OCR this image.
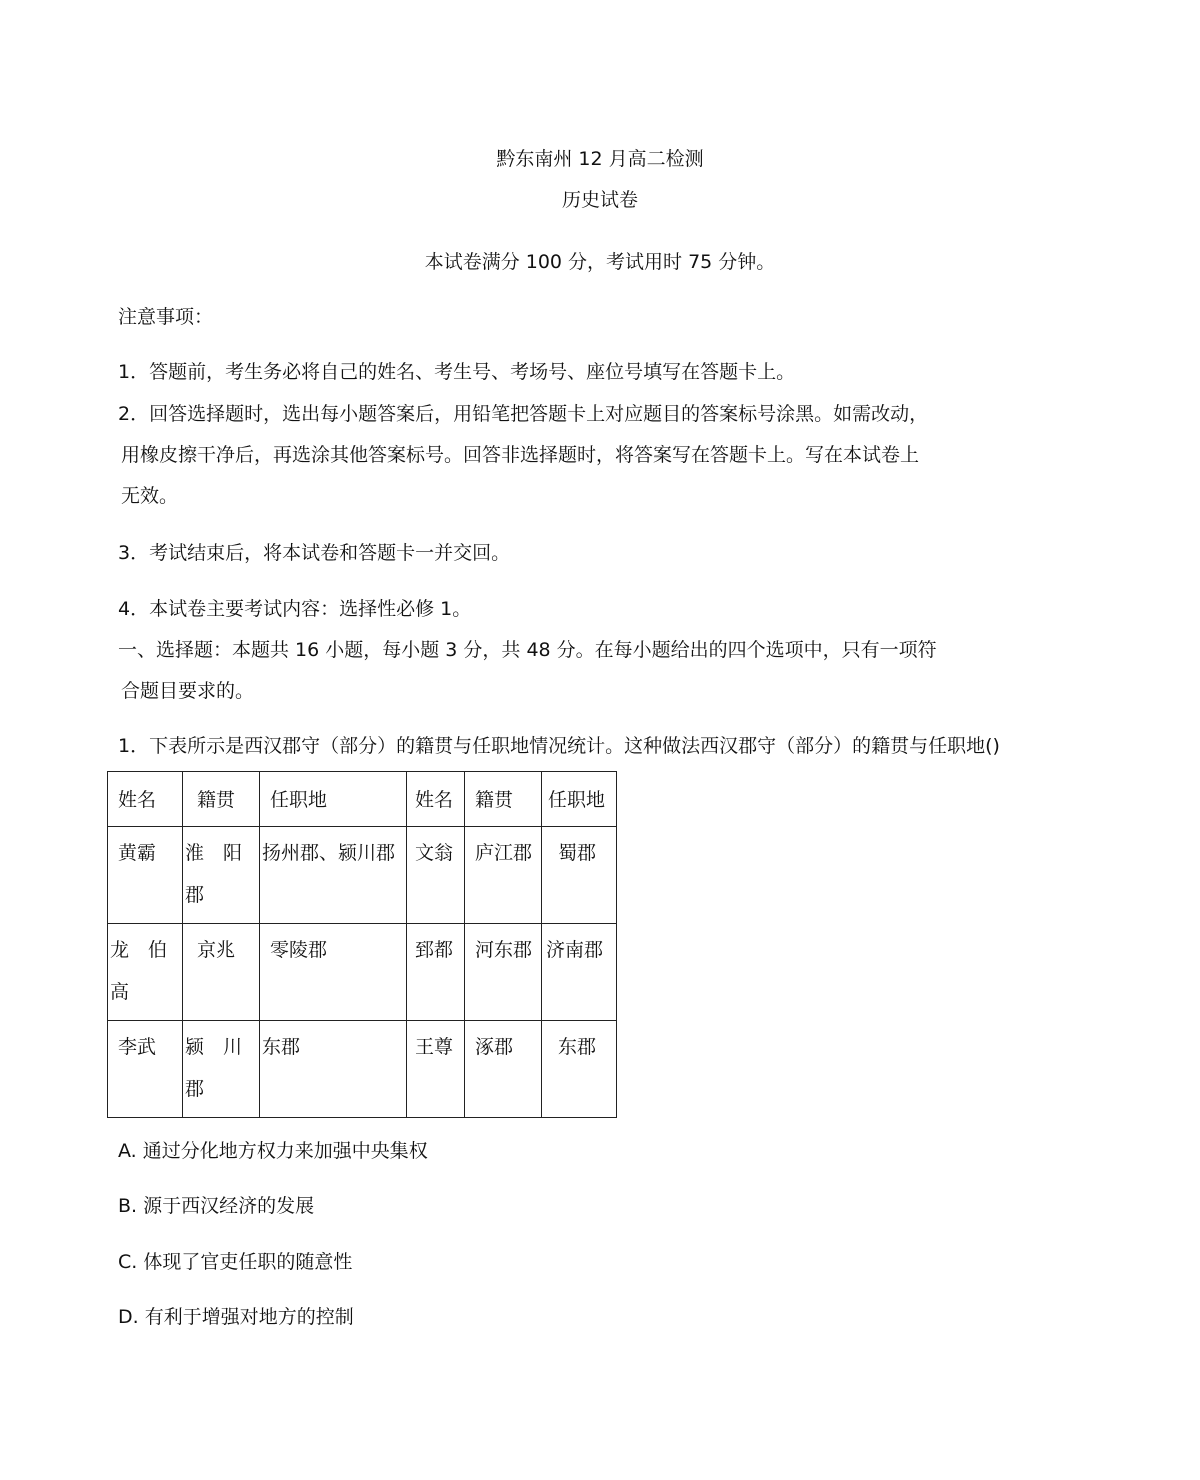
黔东南州 12 月高二检测
历史试卷
本试卷满分 100 分，考试用时 75 分钟。
注意事项：
1．答题前，考生务必将自己的姓名、考生号、考场号、座位号填写在答题卡上。
2．回答选择题时，选出每小题答案后，用铅笔把答题卡上对应题目的答案标号涂黑。如需改动，
用橡皮擦干净后，再选涂其他答案标号。回答非选择题时，将答案写在答题卡上。写在本试卷上
无效。
3．考试结束后，将本试卷和答题卡一并交回。
4．本试卷主要考试内容：选择性必修 1。
一、选择题：本题共 16 小题，每小题 3 分，共 48 分。在每小题给出的四个选项中，只有一项符
合题目要求的。
1．下表所示是西汉郡守（部分）的籍贯与任职地情况统计。这种做法西汉郡守（部分）的籍贯与任职地()
姓名	籍贯	任职地	姓名	籍贯	任职地

黄霸	淮　阳郡	扬州郡、颍川郡	文翁	庐江郡	蜀郡

龙　伯高	京兆	零陵郡	郅都	河东郡	济南郡

李武	颍　川郡	东郡	王尊	涿郡	东郡
A. 通过分化地方权力来加强中央集权
B. 源于西汉经济的发展
C. 体现了官吏任职的随意性
D. 有利于增强对地方的控制
